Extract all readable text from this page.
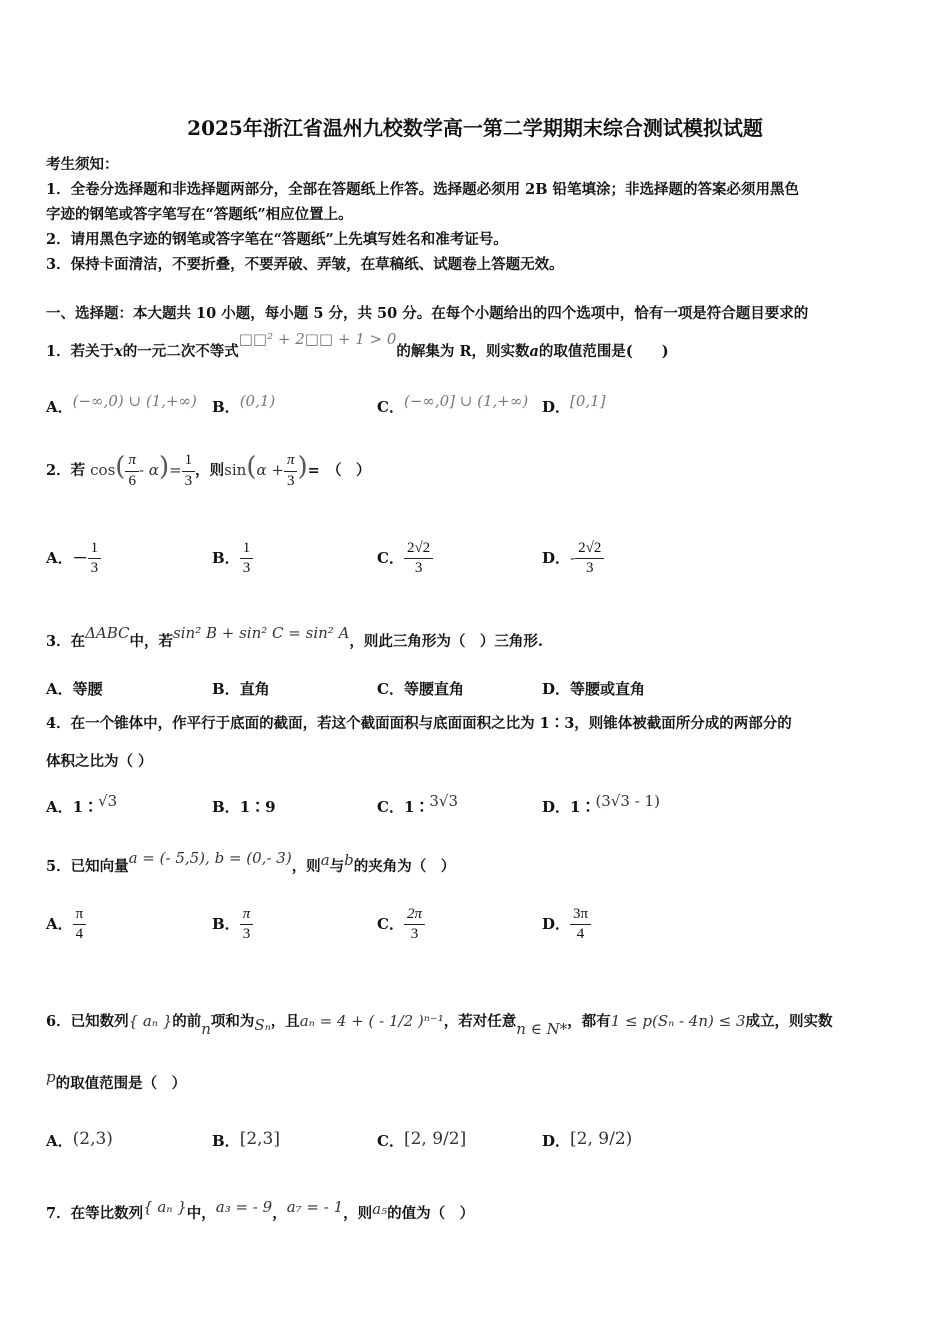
2025年浙江省温州九校数学高一第二学期期末综合测试模拟试题
考生须知：
1．全卷分选择题和非选择题两部分，全部在答题纸上作答。选择题必须用 2B 铅笔填涂；非选择题的答案必须用黑色
字迹的钢笔或答字笔写在“答题纸”相应位置上。
2．请用黑色字迹的钢笔或答字笔在“答题纸”上先填写姓名和准考证号。
3．保持卡面清洁，不要折叠，不要弄破、弄皱，在草稿纸、试题卷上答题无效。
一、选择题：本大题共 10 小题，每小题 5 分，共 50 分。在每个小题给出的四个选项中，恰有一项是符合题目要求的
1．若关于x的一元二次不等式□□² + 2□□ + 1 > 0的解集为 R，则实数a的取值范围是(　　)
A．(−∞,0) ∪ (1,+∞) B．(0,1)	C．(−∞,0] ∪ (1,+∞) D．[0,1]
2．若 $\cos( \frac{\pi}{6} - \alpha)= \frac{1}{3}$ ，则$\sin(\alpha + \frac{\pi}{3}$ )=　（　）
A．－ $\frac{1}{3}$	B． $\frac{1}{3}$	C． $\frac{2√2}{3}$	D．- $\frac{2√2}{3}$
3．在ΔABC中，若sin² B + sin² C = sin² A，则此三角形为（　）三角形.
A．等腰	B．直角	C．等腰直角	D．等腰或直角
4．在一个锥体中，作平行于底面的截面，若这个截面面积与底面面积之比为 1∶3，则锥体被截面所分成的两部分的
体积之比为（ ）
A．1∶√3	B．1∶9	C．1∶3√3	D．1∶(3√3 - 1)
5．已知向量a = (- 5,5), b = (0,- 3)，则a与b的夹角为（　）
A． $\frac{\pi}{4}$	B． $\frac{\pi}{3}$	C． $\frac{2\pi}{3}$	D． $\frac{3\pi}{4}$
6．已知数列{ aₙ }的前n项和为Sₙ，且aₙ = 4 + ( - 1/2 )ⁿ⁻¹，若对任意n ∈ N*，都有1 ≤ p(Sₙ - 4n) ≤ 3成立，则实数
p的取值范围是（　）
A．(2,3)	B．[2,3]	C．[2, 9/2]	D．[2, 9/2)
7．在等比数列{ aₙ }中，a₃ = - 9，a₇ = - 1，则a₅的值为（　）
